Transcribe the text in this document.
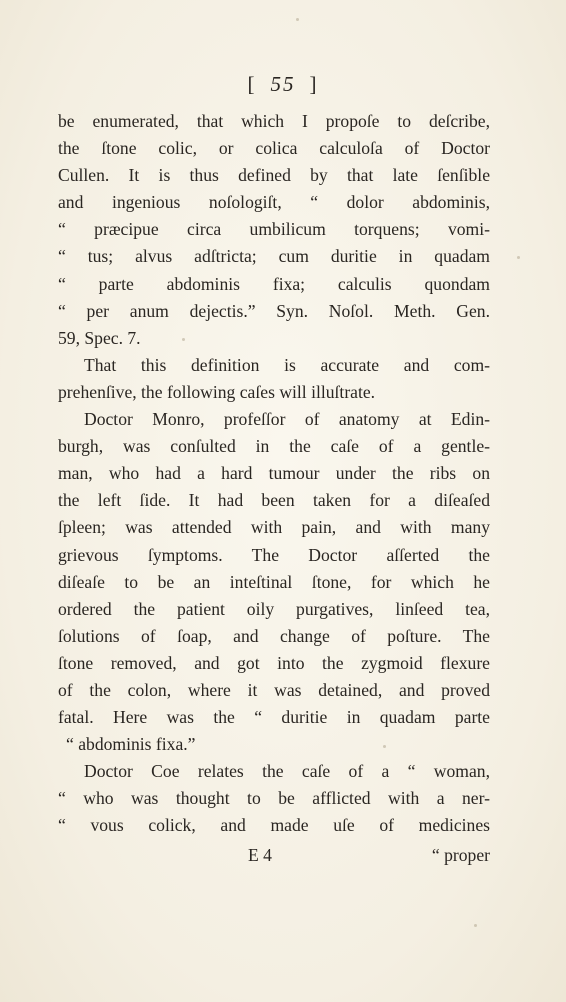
[ 55 ]
be enumerated, that which I propoſe to deſcribe,
the ſtone colic, or colica calculoſa of Doctor
Cullen. It is thus defined by that late ſenſible
and ingenious noſologiſt, “ dolor abdominis,
“ præcipue circa umbilicum torquens; vomi-
“ tus; alvus adſtricta; cum duritie in quadam
“ parte abdominis fixa; calculis quondam
“ per anum dejectis.” Syn. Noſol. Meth. Gen.
59, Spec. 7.
That this definition is accurate and com-
prehenſive, the following caſes will illuſtrate.
Doctor Monro, profeſſor of anatomy at Edin-
burgh, was conſulted in the caſe of a gentle-
man, who had a hard tumour under the ribs on
the left ſide. It had been taken for a diſeaſed
ſpleen; was attended with pain, and with many
grievous ſymptoms. The Doctor aſſerted the
diſeaſe to be an inteſtinal ſtone, for which he
ordered the patient oily purgatives, linſeed tea,
ſolutions of ſoap, and change of poſture. The
ſtone removed, and got into the zygmoid flexure
of the colon, where it was detained, and proved
fatal. Here was the “ duritie in quadam parte
“ abdominis fixa.”
Doctor Coe relates the caſe of a “ woman,
“ who was thought to be afflicted with a ner-
“ vous colick, and made uſe of medicines
E 4	“ proper
